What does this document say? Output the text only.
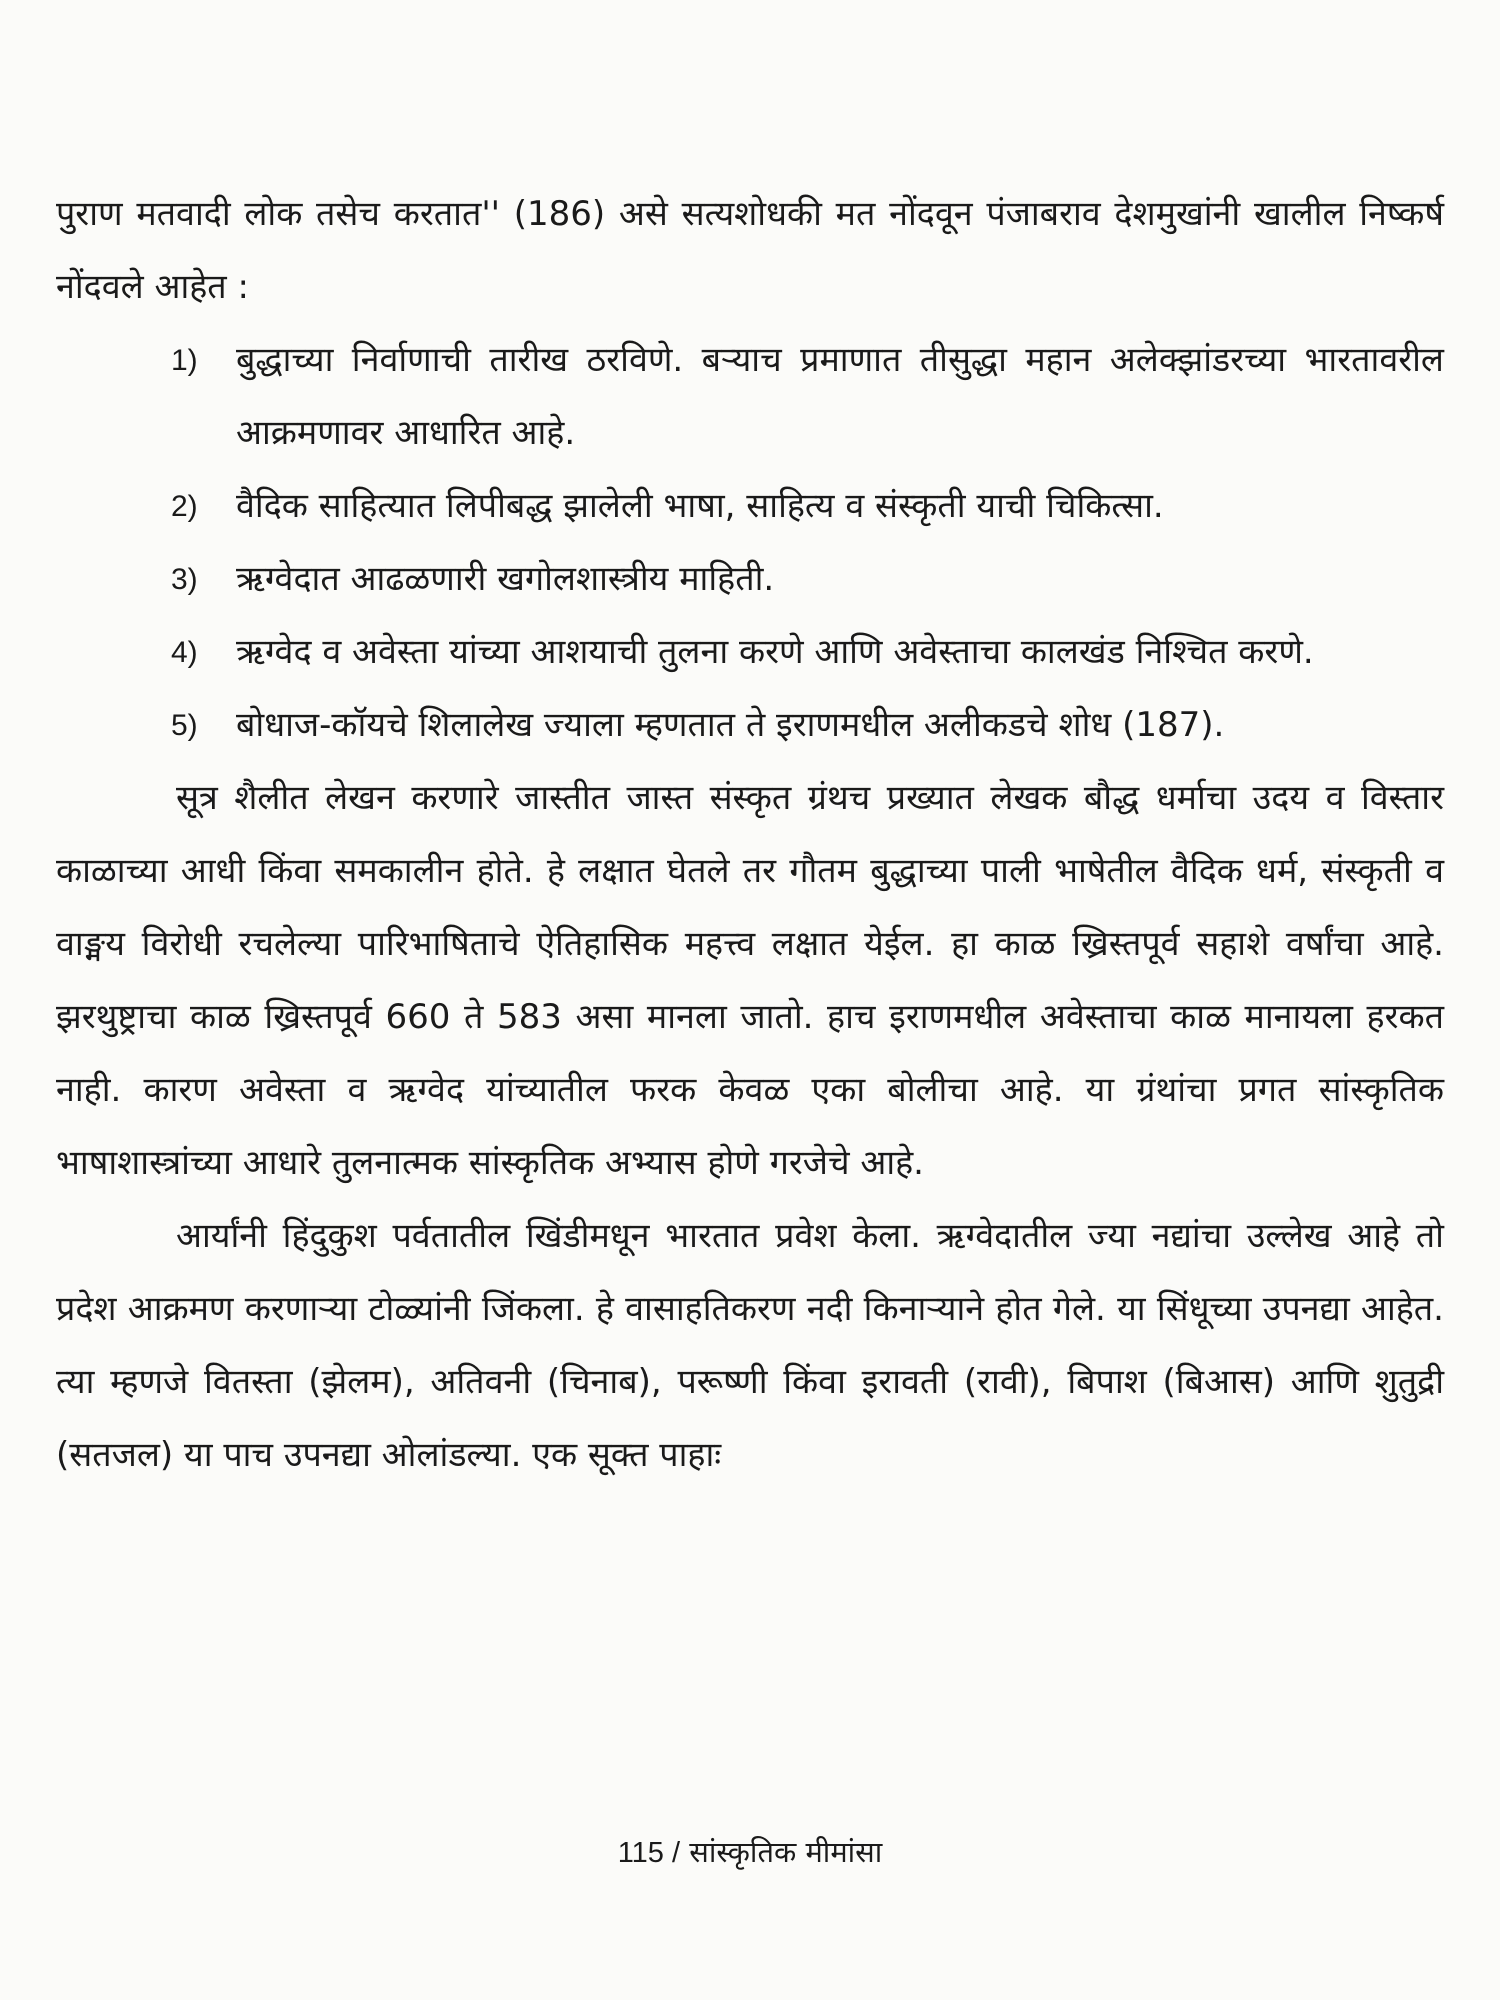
पुराण मतवादी लोक तसेच करतात'' (186) असे सत्यशोधकी मत नोंदवून पंजाबराव देशमुखांनी खालील निष्कर्ष नोंदवले आहेत :

1) बुद्धाच्या निर्वाणाची तारीख ठरविणे. बऱ्याच प्रमाणात तीसुद्धा महान अलेक्झांडरच्या भारतावरील आक्रमणावर आधारित आहे.
2) वैदिक साहित्यात लिपीबद्ध झालेली भाषा, साहित्य व संस्कृती याची चिकित्सा.
3) ऋग्वेदात आढळणारी खगोलशास्त्रीय माहिती.
4) ऋग्वेद व अवेस्ता यांच्या आशयाची तुलना करणे आणि अवेस्ताचा कालखंड निश्चित करणे.
5) बोधाज-कॉयचे शिलालेख ज्याला म्हणतात ते इराणमधील अलीकडचे शोध (187).

सूत्र शैलीत लेखन करणारे जास्तीत जास्त संस्कृत ग्रंथच प्रख्यात लेखक बौद्ध धर्माचा उदय व विस्तार काळाच्या आधी किंवा समकालीन होते. हे लक्षात घेतले तर गौतम बुद्धाच्या पाली भाषेतील वैदिक धर्म, संस्कृती व वाङ्मय विरोधी रचलेल्या पारिभाषिताचे ऐतिहासिक महत्त्व लक्षात येईल. हा काळ ख्रिस्तपूर्व सहाशे वर्षांचा आहे. झरथुष्ट्राचा काळ ख्रिस्तपूर्व 660 ते 583 असा मानला जातो. हाच इराणमधील अवेस्ताचा काळ मानायला हरकत नाही. कारण अवेस्ता व ऋग्वेद यांच्यातील फरक केवळ एका बोलीचा आहे. या ग्रंथांचा प्रगत सांस्कृतिक भाषाशास्त्रांच्या आधारे तुलनात्मक सांस्कृतिक अभ्यास होणे गरजेचे आहे.

आर्यांनी हिंदुकुश पर्वतातील खिंडीमधून भारतात प्रवेश केला. ऋग्वेदातील ज्या नद्यांचा उल्लेख आहे तो प्रदेश आक्रमण करणाऱ्या टोळ्यांनी जिंकला. हे वासाहतिकरण नदी किनाऱ्याने होत गेले. या सिंधूच्या उपनद्या आहेत. त्या म्हणजे वितस्ता (झेलम), अतिवनी (चिनाब), परूष्णी किंवा इरावती (रावी), बिपाश (बिआस) आणि शुतुद्री (सतजल) या पाच उपनद्या ओलांडल्या. एक सूक्त पाहाः

115 / सांस्कृतिक मीमांसा
